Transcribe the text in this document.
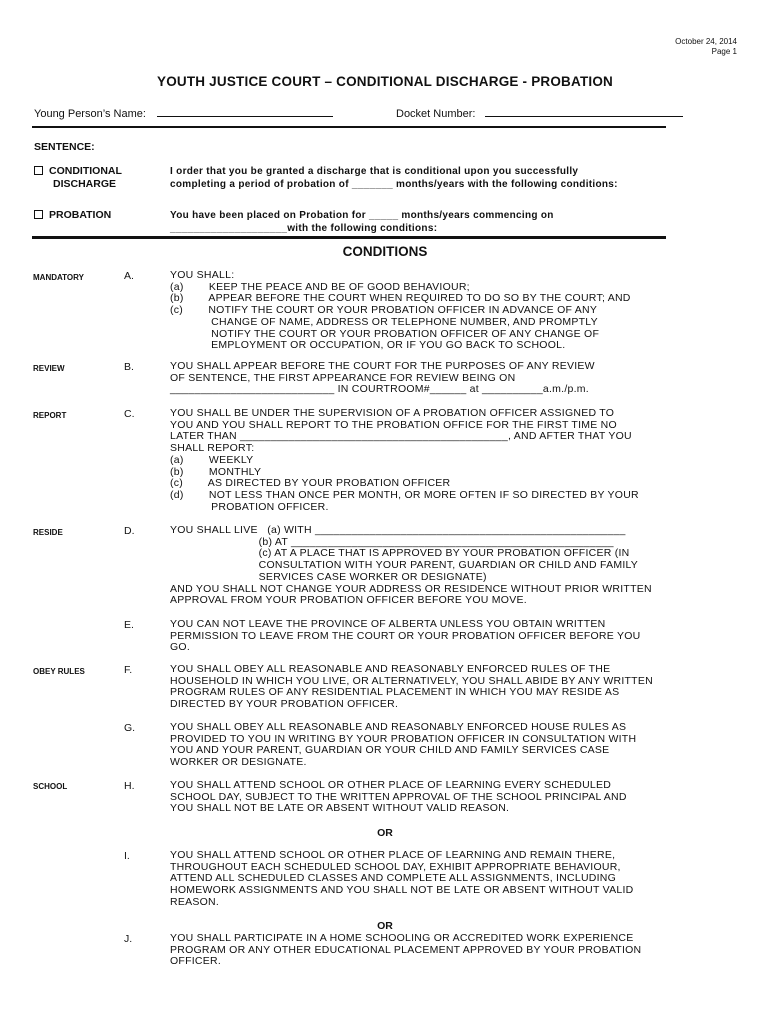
October 24, 2014
Page 1
YOUTH JUSTICE COURT – CONDITIONAL DISCHARGE - PROBATION
Young Person’s Name:	Docket Number:
SENTENCE:
CONDITIONAL
DISCHARGE
I order that you be granted a discharge that is conditional upon you successfully
completing a period of probation of _______ months/years with the following conditions:
PROBATION	You have been placed on Probation for _____ months/years commencing on
____________________with the following conditions:
CONDITIONS
MANDATORY	A.	YOU SHALL:
(a)        KEEP THE PEACE AND BE OF GOOD BEHAVIOUR;
(b)        APPEAR BEFORE THE COURT WHEN REQUIRED TO DO SO BY THE COURT; AND
(c)        NOTIFY THE COURT OR YOUR PROBATION OFFICER IN ADVANCE OF ANY
CHANGE OF NAME, ADDRESS OR TELEPHONE NUMBER, AND PROMPTLY
NOTIFY THE COURT OR YOUR PROBATION OFFICER OF ANY CHANGE OF
EMPLOYMENT OR OCCUPATION, OR IF YOU GO BACK TO SCHOOL.
REVIEW	B.	YOU SHALL APPEAR BEFORE THE COURT FOR THE PURPOSES OF ANY REVIEW
OF SENTENCE, THE FIRST APPEARANCE FOR REVIEW BEING ON
___________________________ IN COURTROOM#______ at __________a.m./p.m.
REPORT	C.	YOU SHALL BE UNDER THE SUPERVISION OF A PROBATION OFFICER ASSIGNED TO
YOU AND YOU SHALL REPORT TO THE PROBATION OFFICE FOR THE FIRST TIME NO
LATER THAN ____________________________________________, AND AFTER THAT YOU
SHALL REPORT:
(a)        WEEKLY
(b)        MONTHLY
(c)        AS DIRECTED BY YOUR PROBATION OFFICER
(d)        NOT LESS THAN ONCE PER MONTH, OR MORE OFTEN IF SO DIRECTED BY YOUR
PROBATION OFFICER.
RESIDE	D.	YOU SHALL LIVE   (a) WITH ___________________________________________________
(b) AT _____________________________________________________
(c) AT A PLACE THAT IS APPROVED BY YOUR PROBATION OFFICER (IN
CONSULTATION WITH YOUR PARENT, GUARDIAN OR CHILD AND FAMILY
SERVICES CASE WORKER OR DESIGNATE)
AND YOU SHALL NOT CHANGE YOUR ADDRESS OR RESIDENCE WITHOUT PRIOR WRITTEN
APPROVAL FROM YOUR PROBATION OFFICER BEFORE YOU MOVE.
E.	YOU CAN NOT LEAVE THE PROVINCE OF ALBERTA UNLESS YOU OBTAIN WRITTEN
PERMISSION TO LEAVE FROM THE COURT OR YOUR PROBATION OFFICER BEFORE YOU
GO.
OBEY RULES	F.	YOU SHALL OBEY ALL REASONABLE AND REASONABLY ENFORCED RULES OF THE
HOUSEHOLD IN WHICH YOU LIVE, OR ALTERNATIVELY, YOU SHALL ABIDE BY ANY WRITTEN
PROGRAM RULES OF ANY RESIDENTIAL PLACEMENT IN WHICH YOU MAY RESIDE AS
DIRECTED BY YOUR PROBATION OFFICER.
G.	YOU SHALL OBEY ALL REASONABLE AND REASONABLY ENFORCED HOUSE RULES AS
PROVIDED TO YOU IN WRITING BY YOUR PROBATION OFFICER IN CONSULTATION WITH
YOU AND YOUR PARENT, GUARDIAN OR YOUR CHILD AND FAMILY SERVICES CASE
WORKER OR DESIGNATE.
SCHOOL	H.	YOU SHALL ATTEND SCHOOL OR OTHER PLACE OF LEARNING EVERY SCHEDULED
SCHOOL DAY, SUBJECT TO THE WRITTEN APPROVAL OF THE SCHOOL PRINCIPAL AND
YOU SHALL NOT BE LATE OR ABSENT WITHOUT VALID REASON.
OR
I.	YOU SHALL ATTEND SCHOOL OR OTHER PLACE OF LEARNING AND REMAIN THERE,
THROUGHOUT EACH SCHEDULED SCHOOL DAY, EXHIBIT APPROPRIATE BEHAVIOUR,
ATTEND ALL SCHEDULED CLASSES AND COMPLETE ALL ASSIGNMENTS, INCLUDING
HOMEWORK ASSIGNMENTS AND YOU SHALL NOT BE LATE OR ABSENT WITHOUT VALID
REASON.
OR
J.	YOU SHALL PARTICIPATE IN A HOME SCHOOLING OR ACCREDITED WORK EXPERIENCE
PROGRAM OR ANY OTHER EDUCATIONAL PLACEMENT APPROVED BY YOUR PROBATION
OFFICER.
